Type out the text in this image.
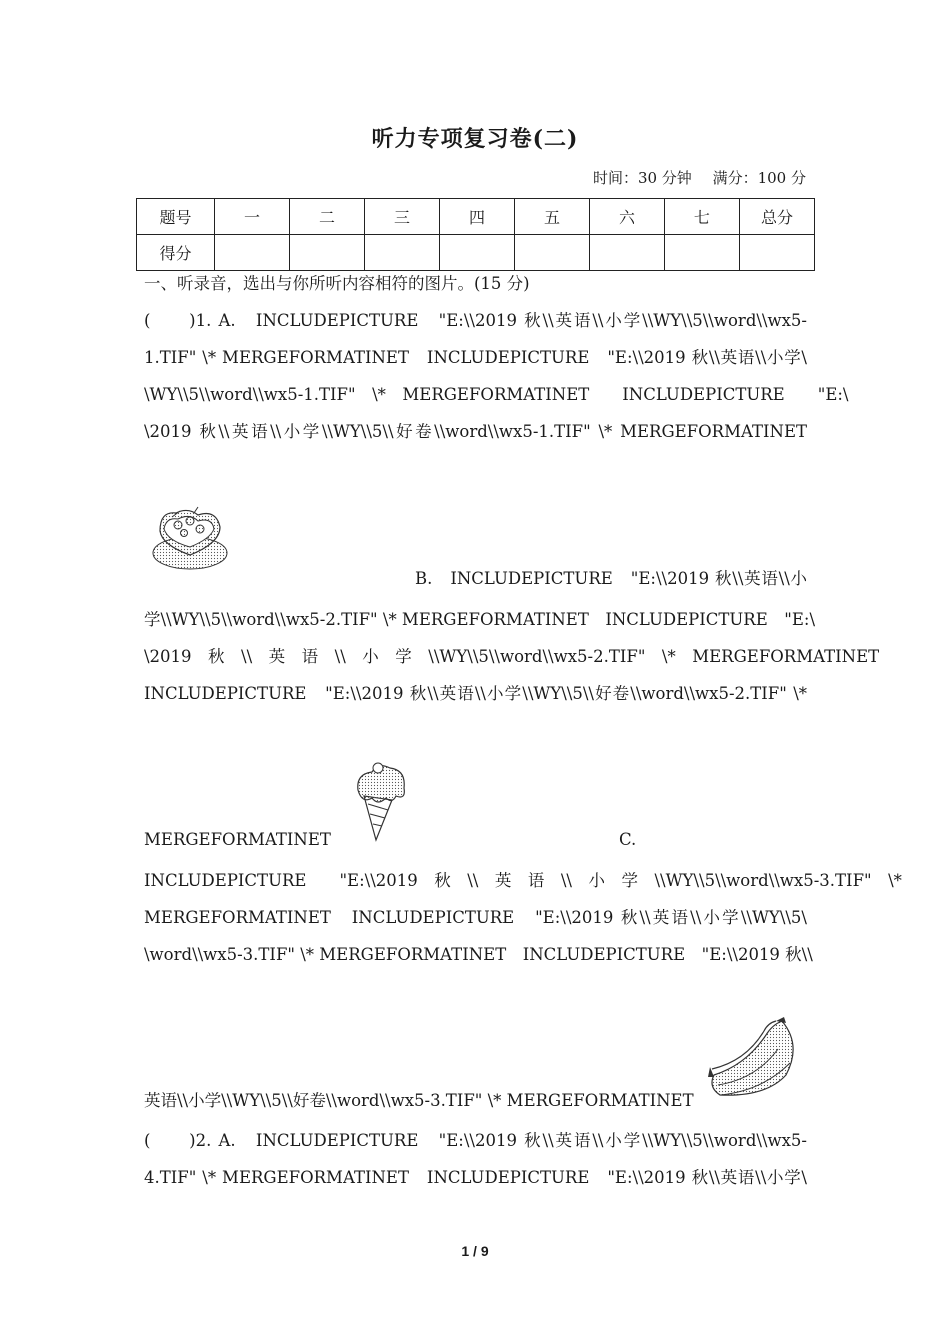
听力专项复习卷(二)
时间：30 分钟 满分：100 分
题号	一	二	三	四	五	六	七	总分
得分								
一、听录音，选出与你所听内容相符的图片。(15 分)
(　　)1. A.　INCLUDEPICTURE　"E:\\2019 秋\\英语\\小学\\WY\\5\\word\\wx5-
1.TIF" \* MERGEFORMATINET　INCLUDEPICTURE　"E:\\2019 秋\\英语\\小学\
\WY\\5\\word\\wx5-1.TIF"　\*　MERGEFORMATINET　　INCLUDEPICTURE　　"E:\
\2019 秋\\英语\\小学\\WY\\5\\好卷\\word\\wx5-1.TIF" \* MERGEFORMATINET
B.　INCLUDEPICTURE　"E:\\2019 秋\\英语\\小
学\\WY\\5\\word\\wx5-2.TIF" \* MERGEFORMATINET　INCLUDEPICTURE　"E:\
\2019　秋　\\　英　语　\\　小　学　\\WY\\5\\word\\wx5-2.TIF"　\*　MERGEFORMATINET
INCLUDEPICTURE　"E:\\2019 秋\\英语\\小学\\WY\\5\\好卷\\word\\wx5-2.TIF" \*
MERGEFORMATINET	C.
INCLUDEPICTURE　　"E:\\2019　秋　\\　英　语　\\　小　学　\\WY\\5\\word\\wx5-3.TIF"　\*
MERGEFORMATINET　INCLUDEPICTURE　"E:\\2019 秋\\英语\\小学\\WY\\5\
\word\\wx5-3.TIF" \* MERGEFORMATINET　INCLUDEPICTURE　"E:\\2019 秋\\
英语\\小学\\WY\\5\\好卷\\word\\wx5-3.TIF" \* MERGEFORMATINET
(　　)2. A.　INCLUDEPICTURE　"E:\\2019 秋\\英语\\小学\\WY\\5\\word\\wx5-
4.TIF" \* MERGEFORMATINET　INCLUDEPICTURE　"E:\\2019 秋\\英语\\小学\
1 / 9
